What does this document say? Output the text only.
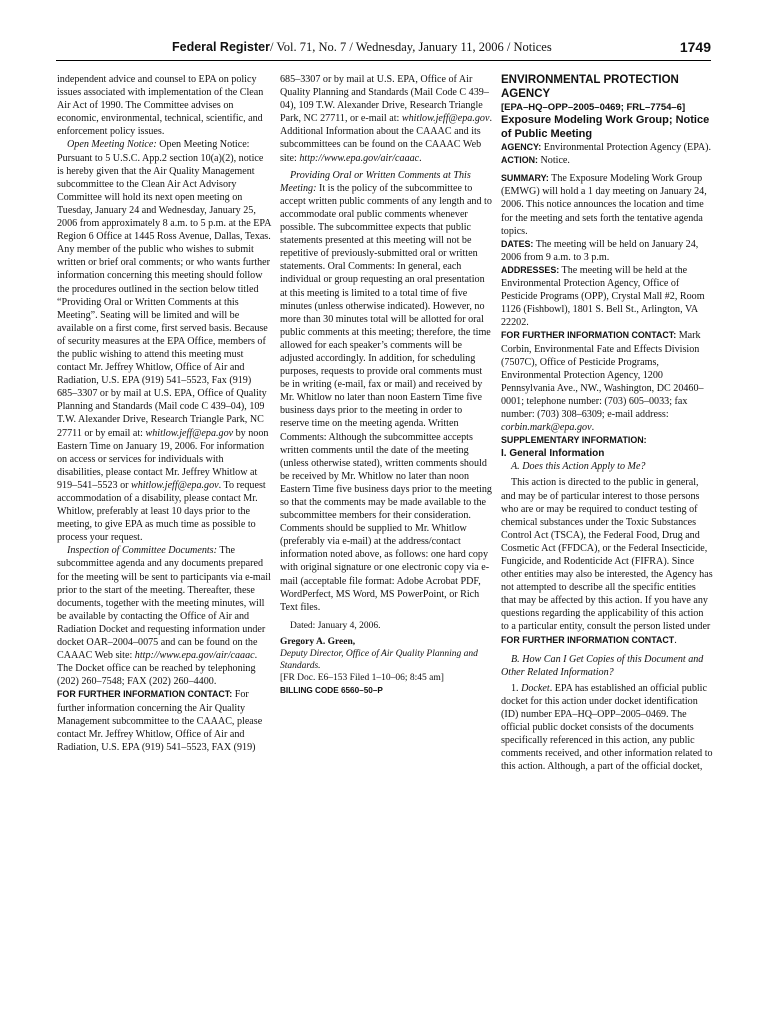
Federal Register/ Vol. 71, No. 7 / Wednesday, January 11, 2006 / Notices	1749

independent advice and counsel to EPA on policy issues associated with implementation of the Clean Air Act of 1990. The Committee advises on economic, environmental, technical, scientific, and enforcement policy issues.

Open Meeting Notice: Open Meeting Notice: Pursuant to 5 U.S.C. App.2 section 10(a)(2), notice is hereby given that the Air Quality Management subcommittee to the Clean Air Act Advisory Committee will hold its next open meeting on Tuesday, January 24 and Wednesday, January 25, 2006 from approximately 8 a.m. to 5 p.m. at the EPA Region 6 Office at 1445 Ross Avenue, Dallas, Texas. Any member of the public who wishes to submit written or brief oral comments; or who wants further information concerning this meeting should follow the procedures outlined in the section below titled “Providing Oral or Written Comments at this Meeting”. Seating will be limited and will be available on a first come, first served basis. Because of security measures at the EPA Office, members of the public wishing to attend this meeting must contact Mr. Jeffrey Whitlow, Office of Air and Radiation, U.S. EPA (919) 541–5523, Fax (919) 685–3307 or by mail at U.S. EPA, Office of Quality Planning and Standards (Mail code C 439–04), 109 T.W. Alexander Drive, Research Triangle Park, NC 27711 or by email at: whitlow.jeff@epa.gov by noon Eastern Time on January 19, 2006. For information on access or services for individuals with disabilities, please contact Mr. Jeffrey Whitlow at 919–541–5523 or whitlow.jeff@epa.gov. To request accommodation of a disability, please contact Mr. Whitlow, preferably at least 10 days prior to the meeting, to give EPA as much time as possible to process your request.

Inspection of Committee Documents: The subcommittee agenda and any documents prepared for the meeting will be sent to participants via e-mail prior to the start of the meeting. Thereafter, these documents, together with the meeting minutes, will be available by contacting the Office of Air and Radiation Docket and requesting information under docket OAR–2004–0075 and can be found on the CAAAC Web site: http://www.epa.gov/air/caaac. The Docket office can be reached by telephoning (202) 260–7548; FAX (202) 260–4400.

FOR FURTHER INFORMATION CONTACT: For further information concerning the Air Quality Management subcommittee to the CAAAC, please contact Mr. Jeffrey Whitlow, Office of Air and Radiation, U.S. EPA (919) 541–5523, FAX (919)

685–3307 or by mail at U.S. EPA, Office of Air Quality Planning and Standards (Mail Code C 439–04), 109 T.W. Alexander Drive, Research Triangle Park, NC 27711, or e-mail at: whitlow.jeff@epa.gov. Additional Information about the CAAAC and its subcommittees can be found on the CAAAC Web site: http://www.epa.gov/air/caaac.

Providing Oral or Written Comments at This Meeting: It is the policy of the subcommittee to accept written public comments of any length and to accommodate oral public comments whenever possible. The subcommittee expects that public statements presented at this meeting will not be repetitive of previously-submitted oral or written statements. Oral Comments: In general, each individual or group requesting an oral presentation at this meeting is limited to a total time of five minutes (unless otherwise indicated). However, no more than 30 minutes total will be allotted for oral public comments at this meeting; therefore, the time allowed for each speaker’s comments will be adjusted accordingly. In addition, for scheduling purposes, requests to provide oral comments must be in writing (e-mail, fax or mail) and received by Mr. Whitlow no later than noon Eastern Time five business days prior to the meeting in order to reserve time on the meeting agenda. Written Comments: Although the subcommittee accepts written comments until the date of the meeting (unless otherwise stated), written comments should be received by Mr. Whitlow no later than noon Eastern Time five business days prior to the meeting so that the comments may be made available to the subcommittee members for their consideration. Comments should be supplied to Mr. Whitlow (preferably via e-mail) at the address/contact information noted above, as follows: one hard copy with original signature or one electronic copy via e-mail (acceptable file format: Adobe Acrobat PDF, WordPerfect, MS Word, MS PowerPoint, or Rich Text files.

Dated: January 4, 2006.

Gregory A. Green,

Deputy Director, Office of Air Quality Planning and Standards.

[FR Doc. E6–153 Filed 1–10–06; 8:45 am]

BILLING CODE 6560–50–P

ENVIRONMENTAL PROTECTION AGENCY

[EPA–HQ–OPP–2005–0469; FRL–7754–6]

Exposure Modeling Work Group; Notice of Public Meeting

AGENCY: Environmental Protection Agency (EPA).

ACTION: Notice.

SUMMARY: The Exposure Modeling Work Group (EMWG) will hold a 1 day meeting on January 24, 2006. This notice announces the location and time for the meeting and sets forth the tentative agenda topics.

DATES: The meeting will be held on January 24, 2006 from 9 a.m. to 3 p.m.

ADDRESSES: The meeting will be held at the Environmental Protection Agency, Office of Pesticide Programs (OPP), Crystal Mall #2, Room 1126 (Fishbowl), 1801 S. Bell St., Arlington, VA 22202.

FOR FURTHER INFORMATION CONTACT: Mark Corbin, Environmental Fate and Effects Division (7507C), Office of Pesticide Programs, Environmental Protection Agency, 1200 Pennsylvania Ave., NW., Washington, DC 20460–0001; telephone number: (703) 605–0033; fax number: (703) 308–6309; e-mail address: corbin.mark@epa.gov.

SUPPLEMENTARY INFORMATION:

I. General Information

A. Does this Action Apply to Me?

This action is directed to the public in general, and may be of particular interest to those persons who are or may be required to conduct testing of chemical substances under the Toxic Substances Control Act (TSCA), the Federal Food, Drug and Cosmetic Act (FFDCA), or the Federal Insecticide, Fungicide, and Rodenticide Act (FIFRA). Since other entities may also be interested, the Agency has not attempted to describe all the specific entities that may be affected by this action. If you have any questions regarding the applicability of this action to a particular entity, consult the person listed under FOR FURTHER INFORMATION CONTACT.

B. How Can I Get Copies of this Document and Other Related Information?

1. Docket. EPA has established an official public docket for this action under docket identification (ID) number EPA–HQ–OPP–2005–0469. The official public docket consists of the documents specifically referenced in this action, any public comments received, and other information related to this action. Although, a part of the official docket,
